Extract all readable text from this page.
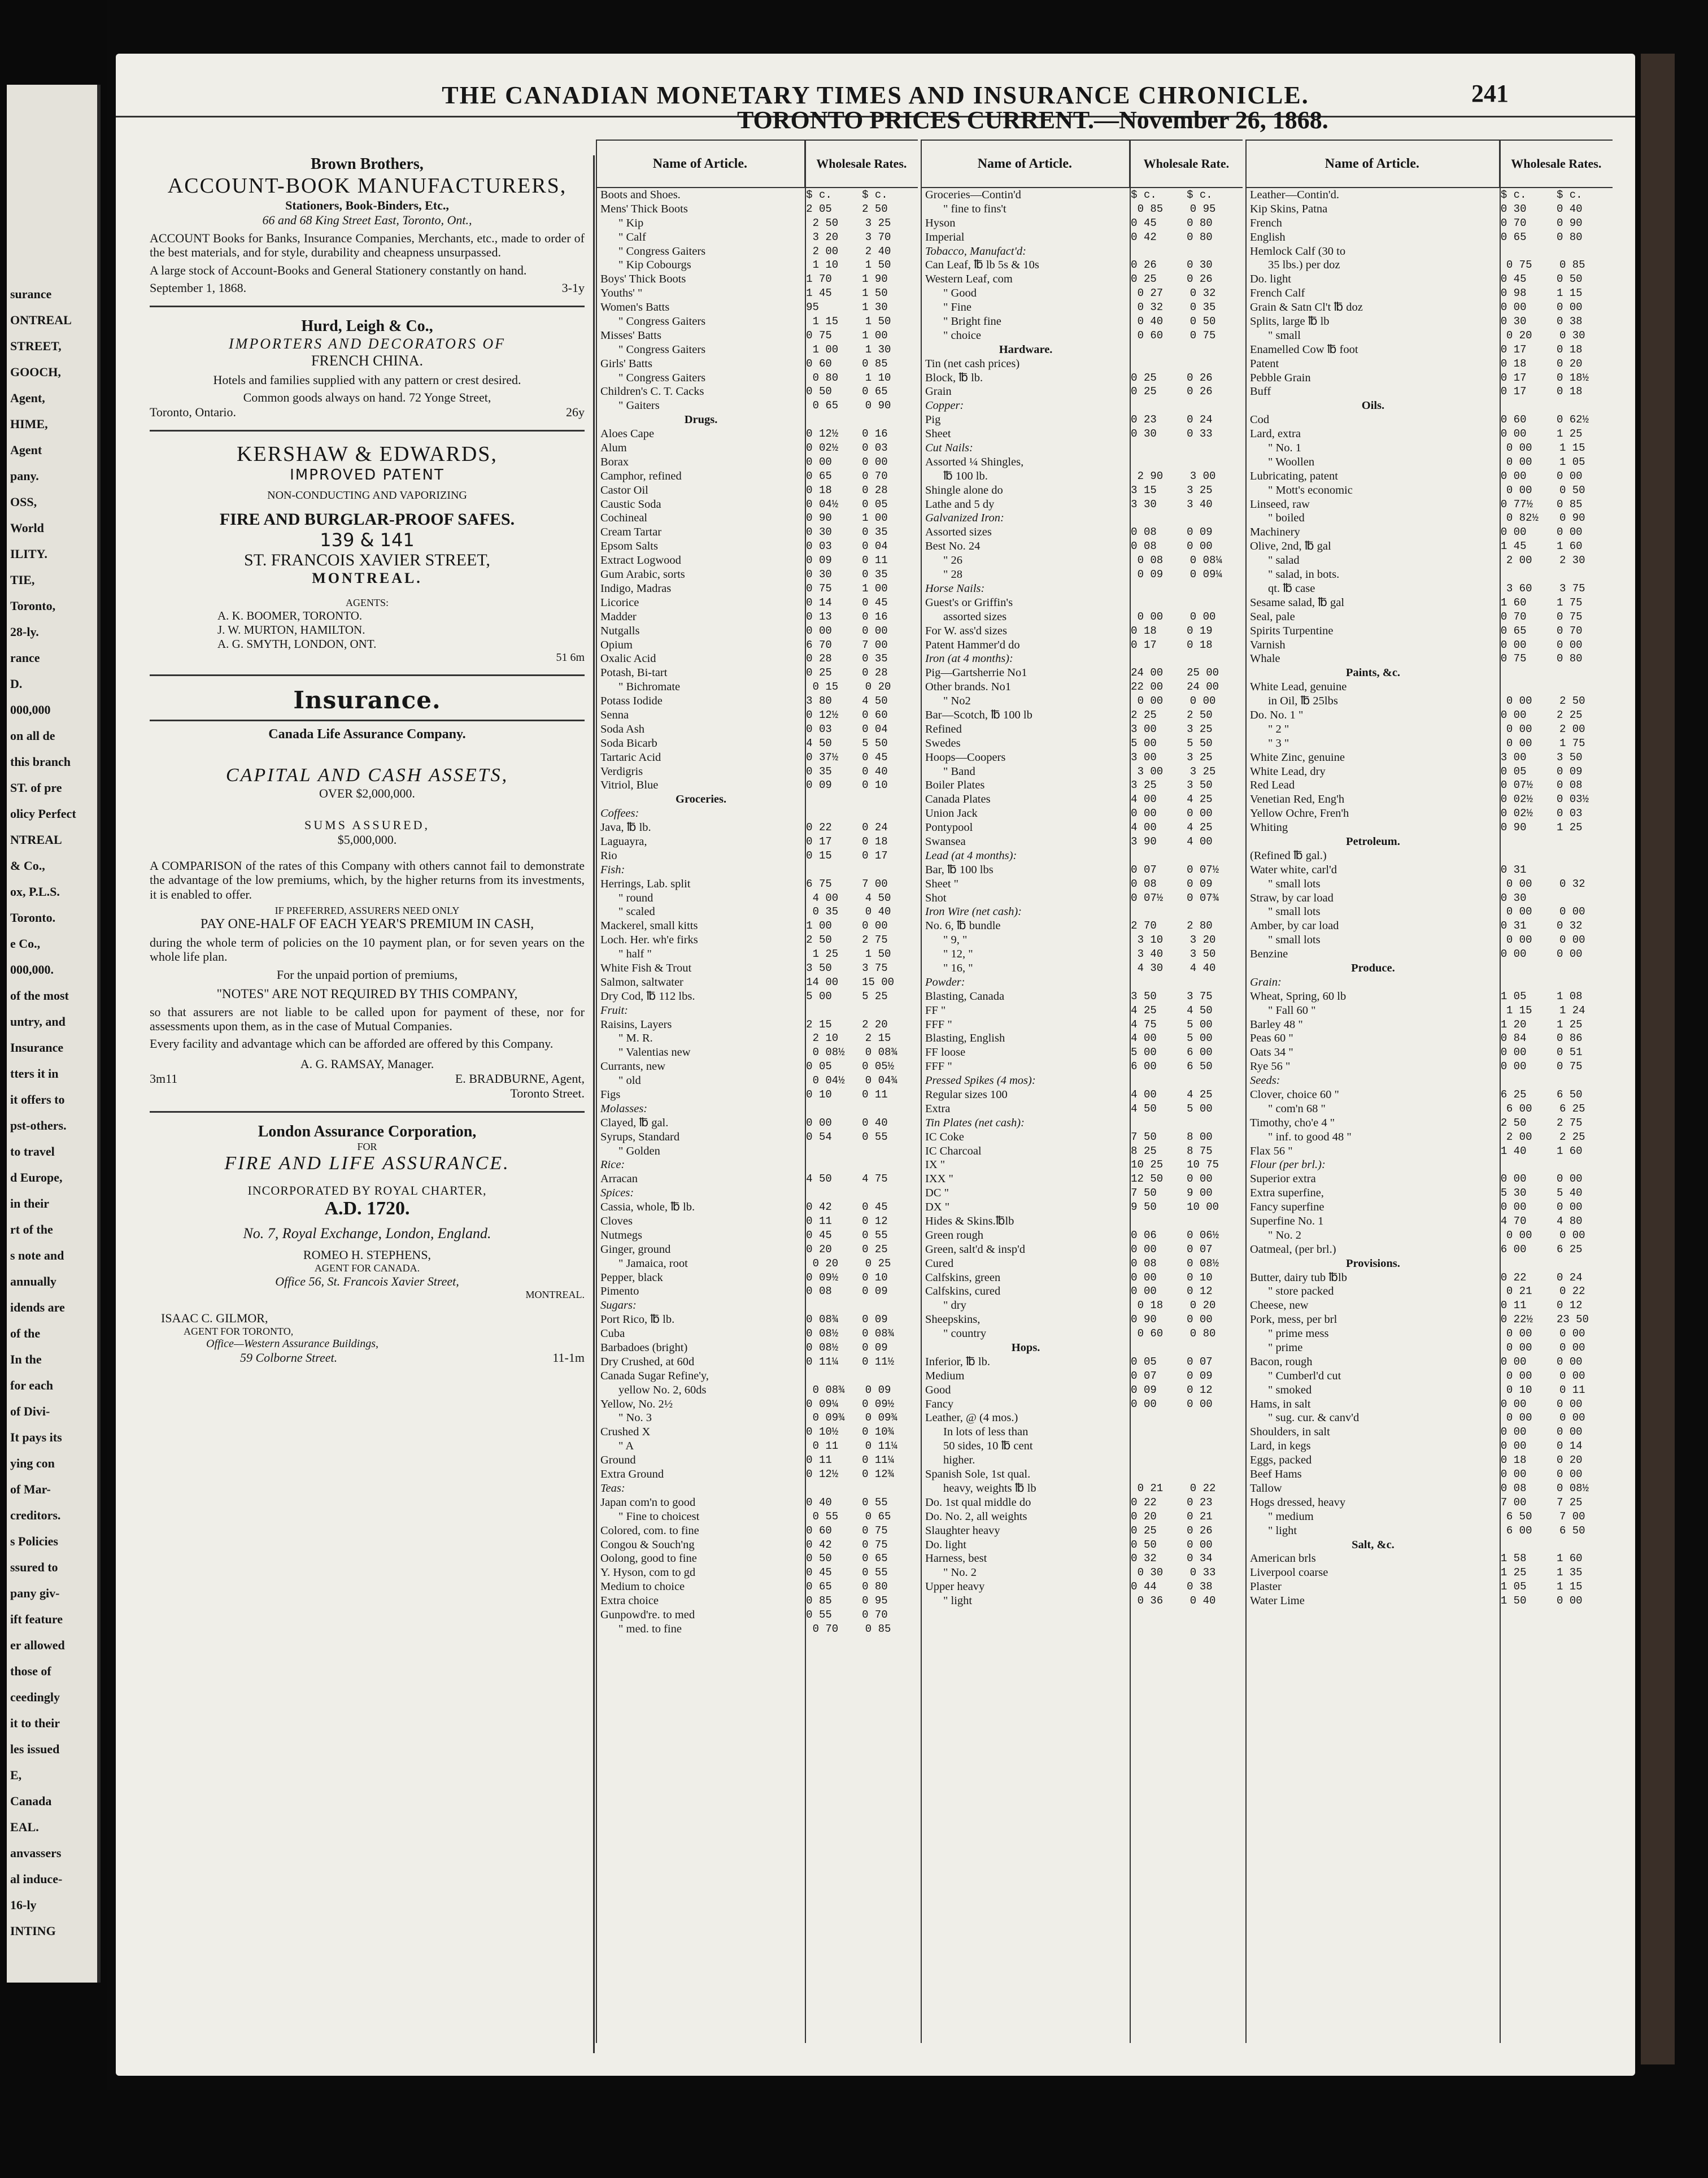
surance
ONTREAL
STREET,
GOOCH,
Agent,
HIME,
Agent
pany.
OSS,
World
ILITY.
TIE,
Toronto,
28-ly.
rance
D.
000,000
on all de
this branch
ST. of pre
olicy Perfect
NTREAL
& Co.,
ox, P.L.S.
Toronto.
e Co.,
000,000.
of the most
untry, and
Insurance
tters it in
it offers to
pst-others.
to travel
d Europe,
in their
rt of the
s note and
annually
idends are
of the
In the
for each
of Divi-
It pays its
ying con
of Mar-
creditors.
s Policies
ssured to
pany giv-
ift feature
er allowed
those of
ceedingly
it to their
les issued
E,
Canada
EAL.
anvassers
al induce-
16-ly
INTING
THE CANADIAN MONETARY TIMES AND INSURANCE CHRONICLE.	241
Brown Brothers,
ACCOUNT-BOOK MANUFACTURERS,
Stationers, Book-Binders, Etc.,
66 and 68 King Street East, Toronto, Ont.,
ACCOUNT Books for Banks, Insurance Companies, Merchants, etc., made to order of the best materials, and for style, durability and cheapness unsurpassed.
A large stock of Account-Books and General Stationery constantly on hand.
September 1, 1868.	3-1y
Hurd, Leigh & Co.,
IMPORTERS AND DECORATORS OF
FRENCH CHINA.
Hotels and families supplied with any pattern or crest desired.
Common goods always on hand. 72 Yonge Street,
Toronto, Ontario.	26y
KERSHAW & EDWARDS,
IMPROVED PATENT
NON-CONDUCTING AND VAPORIZING
FIRE AND BURGLAR-PROOF SAFES.
139 & 141
ST. FRANCOIS XAVIER STREET,
MONTREAL.
AGENTS:
A. K. BOOMER, TORONTO.
J. W. MURTON, HAMILTON.
A. G. SMYTH, LONDON, ONT.
51 6m
Insurance.
Canada Life Assurance Company.
CAPITAL AND CASH ASSETS,
OVER $2,000,000.
SUMS ASSURED,
$5,000,000.
A COMPARISON of the rates of this Company with others cannot fail to demonstrate the advantage of the low premiums, which, by the higher returns from its investments, it is enabled to offer.
IF PREFERRED, ASSURERS NEED ONLY
PAY ONE-HALF OF EACH YEAR'S PREMIUM IN CASH,
during the whole term of policies on the 10 payment plan, or for seven years on the whole life plan.
For the unpaid portion of premiums,
"NOTES" ARE NOT REQUIRED BY THIS COMPANY,
so that assurers are not liable to be called upon for payment of these, nor for assessments upon them, as in the case of Mutual Companies.
Every facility and advantage which can be afforded are offered by this Company.
A. G. RAMSAY, Manager.
3m11	E. BRADBURNE, Agent,
Toronto Street.
London Assurance Corporation,
FOR
FIRE AND LIFE ASSURANCE.
INCORPORATED BY ROYAL CHARTER,
A.D. 1720.
No. 7, Royal Exchange, London, England.
ROMEO H. STEPHENS,
AGENT FOR CANADA.
Office 56, St. Francois Xavier Street,
MONTREAL.
ISAAC C. GILMOR,
AGENT FOR TORONTO,
Office—Western Assurance Buildings,
59 Colborne Street.	11-1m
TORONTO PRICES CURRENT.—November 26, 1868.
Name of Article.	Wholesale Rates.
Boots and Shoes.	$ c.	$ c.
Mens' Thick Boots	2 05	2 50
" Kip	2 50	3 25
" Calf	3 20	3 70
" Congress Gaiters	2 00	2 40
" Kip Cobourgs	1 10	1 50
Boys' Thick Boots	1 70	1 90
Youths' "	1 45	1 50
Women's Batts	95	1 30
" Congress Gaiters	1 15	1 50
Misses' Batts	0 75	1 00
" Congress Gaiters	1 00	1 30
Girls' Batts	0 60	0 85
" Congress Gaiters	0 80	1 10
Children's C. T. Cacks	0 50	0 65
" Gaiters	0 65	0 90
Drugs.
Aloes Cape	0 12½	0 16
Alum	0 02½	0 03
Borax	0 00	0 00
Camphor, refined	0 65	0 70
Castor Oil	0 18	0 28
Caustic Soda	0 04½	0 05
Cochineal	0 90	1 00
Cream Tartar	0 30	0 35
Epsom Salts	0 03	0 04
Extract Logwood	0 09	0 11
Gum Arabic, sorts	0 30	0 35
Indigo, Madras	0 75	1 00
Licorice	0 14	0 45
Madder	0 13	0 16
Nutgalls	0 00	0 00
Opium	6 70	7 00
Oxalic Acid	0 28	0 35
Potash, Bi-tart	0 25	0 28
" Bichromate	0 15	0 20
Potass Iodide	3 80	4 50
Senna	0 12½	0 60
Soda Ash	0 03	0 04
Soda Bicarb	4 50	5 50
Tartaric Acid	0 37½	0 45
Verdigris	0 35	0 40
Vitriol, Blue	0 09	0 10
Groceries.
Coffees:
Java, ℔ lb.	0 22	0 24
Laguayra,	0 17	0 18
Rio	0 15	0 17
Fish:
Herrings, Lab. split	6 75	7 00
" round	4 00	4 50
" scaled	0 35	0 40
Mackerel, small kitts	1 00	0 00
Loch. Her. wh'e firks	2 50	2 75
" half "	1 25	1 50
White Fish & Trout	3 50	3 75
Salmon, saltwater	14 00	15 00
Dry Cod, ℔ 112 lbs.	5 00	5 25
Fruit:
Raisins, Layers	2 15	2 20
" M. R.	2 10	2 15
" Valentias new	0 08½	0 08¾
Currants, new	0 05	0 05½
" old	0 04½	0 04¾
Figs	0 10	0 11
Molasses:
Clayed, ℔ gal.	0 00	0 40
Syrups, Standard	0 54	0 55
" Golden
Rice:
Arracan	4 50	4 75
Spices:
Cassia, whole, ℔ lb.	0 42	0 45
Cloves	0 11	0 12
Nutmegs	0 45	0 55
Ginger, ground	0 20	0 25
" Jamaica, root	0 20	0 25
Pepper, black	0 09½	0 10
Pimento	0 08	0 09
Sugars:
Port Rico, ℔ lb.	0 08¾	0 09
Cuba	0 08½	0 08¾
Barbadoes (bright)	0 08½	0 09
Dry Crushed, at 60d	0 11¼	0 11½
Canada Sugar Refine'y,
yellow No. 2, 60ds	0 08¾	0 09
Yellow, No. 2½	0 09¼	0 09½
" No. 3	0 09¾	0 09¾
Crushed X	0 10½	0 10¾
" A	0 11	0 11¼
Ground	0 11	0 11¼
Extra Ground	0 12½	0 12¾
Teas:
Japan com'n to good	0 40	0 55
" Fine to choicest	0 55	0 65
Colored, com. to fine	0 60	0 75
Congou & Souch'ng	0 42	0 75
Oolong, good to fine	0 50	0 65
Y. Hyson, com to gd	0 45	0 55
Medium to choice	0 65	0 80
Extra choice	0 85	0 95
Gunpowd're. to med	0 55	0 70
" med. to fine	0 70	0 85
Name of Article.	Wholesale Rate.
Groceries—Contin'd	$ c.	$ c.
" fine to fins't	0 85	0 95
Hyson	0 45	0 80
Imperial	0 42	0 80
Tobacco, Manufact'd:
Can Leaf, ℔ lb 5s & 10s	0 26	0 30
Western Leaf, com	0 25	0 26
" Good	0 27	0 32
" Fine	0 32	0 35
" Bright fine	0 40	0 50
" choice	0 60	0 75
Hardware.
Tin (net cash prices)
Block, ℔ lb.	0 25	0 26
Grain	0 25	0 26
Copper:
Pig	0 23	0 24
Sheet	0 30	0 33
Cut Nails:
Assorted ¼ Shingles,
℔ 100 lb.	2 90	3 00
Shingle alone do	3 15	3 25
Lathe and 5 dy	3 30	3 40
Galvanized Iron:
Assorted sizes	0 08	0 09
Best No. 24	0 08	0 00
" 26	0 08	0 08¼
" 28	0 09	0 09¼
Horse Nails:
Guest's or Griffin's
assorted sizes	0 00	0 00
For W. ass'd sizes	0 18	0 19
Patent Hammer'd do	0 17	0 18
Iron (at 4 months):
Pig—Gartsherrie No1	24 00	25 00
Other brands. No1	22 00	24 00
" No2	0 00	0 00
Bar—Scotch, ℔ 100 lb	2 25	2 50
Refined	3 00	3 25
Swedes	5 00	5 50
Hoops—Coopers	3 00	3 25
" Band	3 00	3 25
Boiler Plates	3 25	3 50
Canada Plates	4 00	4 25
Union Jack	0 00	0 00
Pontypool	4 00	4 25
Swansea	3 90	4 00
Lead (at 4 months):
Bar, ℔ 100 lbs	0 07	0 07½
Sheet "	0 08	0 09
Shot	0 07½	0 07¾
Iron Wire (net cash):
No. 6, ℔ bundle	2 70	2 80
" 9, "	3 10	3 20
" 12, "	3 40	3 50
" 16, "	4 30	4 40
Powder:
Blasting, Canada	3 50	3 75
FF "	4 25	4 50
FFF "	4 75	5 00
Blasting, English	4 00	5 00
FF loose	5 00	6 00
FFF "	6 00	6 50
Pressed Spikes (4 mos):
Regular sizes 100	4 00	4 25
Extra	4 50	5 00
Tin Plates (net cash):
IC Coke	7 50	8 00
IC Charcoal	8 25	8 75
IX "	10 25	10 75
IXX "	12 50	0 00
DC "	7 50	9 00
DX "	9 50	10 00
Hides & Skins.℔lb
Green rough	0 06	0 06½
Green, salt'd & insp'd	0 00	0 07
Cured	0 08	0 08½
Calfskins, green	0 00	0 10
Calfskins, cured	0 00	0 12
" dry	0 18	0 20
Sheepskins,	0 90	0 00
" country	0 60	0 80
Hops.
Inferior, ℔ lb.	0 05	0 07
Medium	0 07	0 09
Good	0 09	0 12
Fancy	0 00	0 00
Leather, @ (4 mos.)
In lots of less than
50 sides, 10 ℔ cent
higher.
Spanish Sole, 1st qual.
heavy, weights ℔ lb	0 21	0 22
Do. 1st qual middle do	0 22	0 23
Do. No. 2, all weights	0 20	0 21
Slaughter heavy	0 25	0 26
Do. light	0 50	0 00
Harness, best	0 32	0 34
" No. 2	0 30	0 33
Upper heavy	0 44	0 38
" light	0 36	0 40
Name of Article.	Wholesale Rates.
Leather—Contin'd.	$ c.	$ c.
Kip Skins, Patna	0 30	0 40
French	0 70	0 90
English	0 65	0 80
Hemlock Calf (30 to
35 lbs.) per doz	0 75	0 85
Do. light	0 45	0 50
French Calf	0 98	1 15
Grain & Satn Cl't ℔ doz	0 00	0 00
Splits, large ℔ lb	0 30	0 38
" small	0 20	0 30
Enamelled Cow ℔ foot	0 17	0 18
Patent	0 18	0 20
Pebble Grain	0 17	0 18½
Buff	0 17	0 18
Oils.
Cod	0 60	0 62½
Lard, extra	0 00	1 25
" No. 1	0 00	1 15
" Woollen	0 00	1 05
Lubricating, patent	0 00	0 00
" Mott's economic	0 00	0 50
Linseed, raw	0 77½	0 85
" boiled	0 82½	0 90
Machinery	0 00	0 00
Olive, 2nd, ℔ gal	1 45	1 60
" salad	2 00	2 30
" salad, in bots.
qt. ℔ case	3 60	3 75
Sesame salad, ℔ gal	1 60	1 75
Seal, pale	0 70	0 75
Spirits Turpentine	0 65	0 70
Varnish	0 00	0 00
Whale	0 75	0 80
Paints, &c.
White Lead, genuine
in Oil, ℔ 25lbs	0 00	2 50
Do. No. 1 "	0 00	2 25
" 2 "	0 00	2 00
" 3 "	0 00	1 75
White Zinc, genuine	3 00	3 50
White Lead, dry	0 05	0 09
Red Lead	0 07½	0 08
Venetian Red, Eng'h	0 02½	0 03½
Yellow Ochre, Fren'h	0 02½	0 03
Whiting	0 90	1 25
Petroleum.
(Refined ℔ gal.)
Water white, carl'd	0 31
" small lots	0 00	0 32
Straw, by car load	0 30
" small lots	0 00	0 00
Amber, by car load	0 31	0 32
" small lots	0 00	0 00
Benzine	0 00	0 00
Produce.
Grain:
Wheat, Spring, 60 lb	1 05	1 08
" Fall 60 "	1 15	1 24
Barley 48 "	1 20	1 25
Peas 60 "	0 84	0 86
Oats 34 "	0 00	0 51
Rye 56 "	0 00	0 75
Seeds:
Clover, choice 60 "	6 25	6 50
" com'n 68 "	6 00	6 25
Timothy, cho'e 4 "	2 50	2 75
" inf. to good 48 "	2 00	2 25
Flax 56 "	1 40	1 60
Flour (per brl.):
Superior extra	0 00	0 00
Extra superfine,	5 30	5 40
Fancy superfine	0 00	0 00
Superfine No. 1	4 70	4 80
" No. 2	0 00	0 00
Oatmeal, (per brl.)	6 00	6 25
Provisions.
Butter, dairy tub ℔lb	0 22	0 24
" store packed	0 21	0 22
Cheese, new	0 11	0 12
Pork, mess, per brl	0 22½	23 50
" prime mess	0 00	0 00
" prime	0 00	0 00
Bacon, rough	0 00	0 00
" Cumberl'd cut	0 00	0 00
" smoked	0 10	0 11
Hams, in salt	0 00	0 00
" sug. cur. & canv'd	0 00	0 00
Shoulders, in salt	0 00	0 00
Lard, in kegs	0 00	0 14
Eggs, packed	0 18	0 20
Beef Hams	0 00	0 00
Tallow	0 08	0 08½
Hogs dressed, heavy	7 00	7 25
" medium	6 50	7 00
" light	6 00	6 50
Salt, &c.
American brls	1 58	1 60
Liverpool coarse	1 25	1 35
Plaster	1 05	1 15
Water Lime	1 50	0 00
